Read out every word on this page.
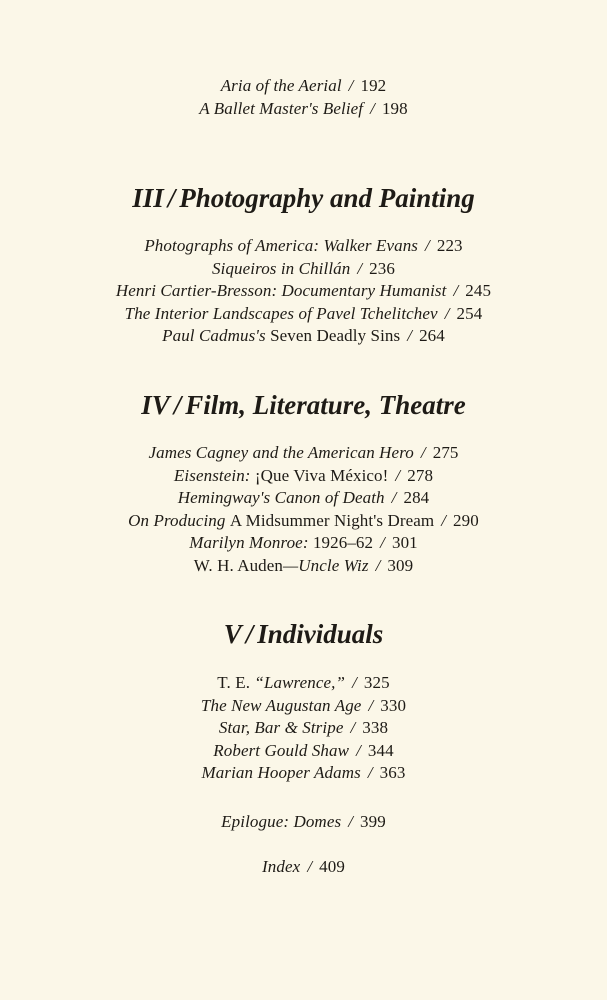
Aria of the Aerial / 192

A Ballet Master's Belief / 198

III / Photography and Painting

Photographs of America: Walker Evans / 223

Siqueiros in Chillán / 236

Henri Cartier-Bresson: Documentary Humanist / 245

The Interior Landscapes of Pavel Tchelitchev / 254

Paul Cadmus's Seven Deadly Sins / 264

IV / Film, Literature, Theatre

James Cagney and the American Hero / 275

Eisenstein: ¡Que Viva México! / 278

Hemingway's Canon of Death / 284

On Producing A Midsummer Night's Dream / 290

Marilyn Monroe: 1926–62 / 301

W. H. Auden—Uncle Wiz / 309

V / Individuals

T. E. “Lawrence,” / 325

The New Augustan Age / 330

Star, Bar & Stripe / 338

Robert Gould Shaw / 344

Marian Hooper Adams / 363

Epilogue: Domes / 399

Index / 409
